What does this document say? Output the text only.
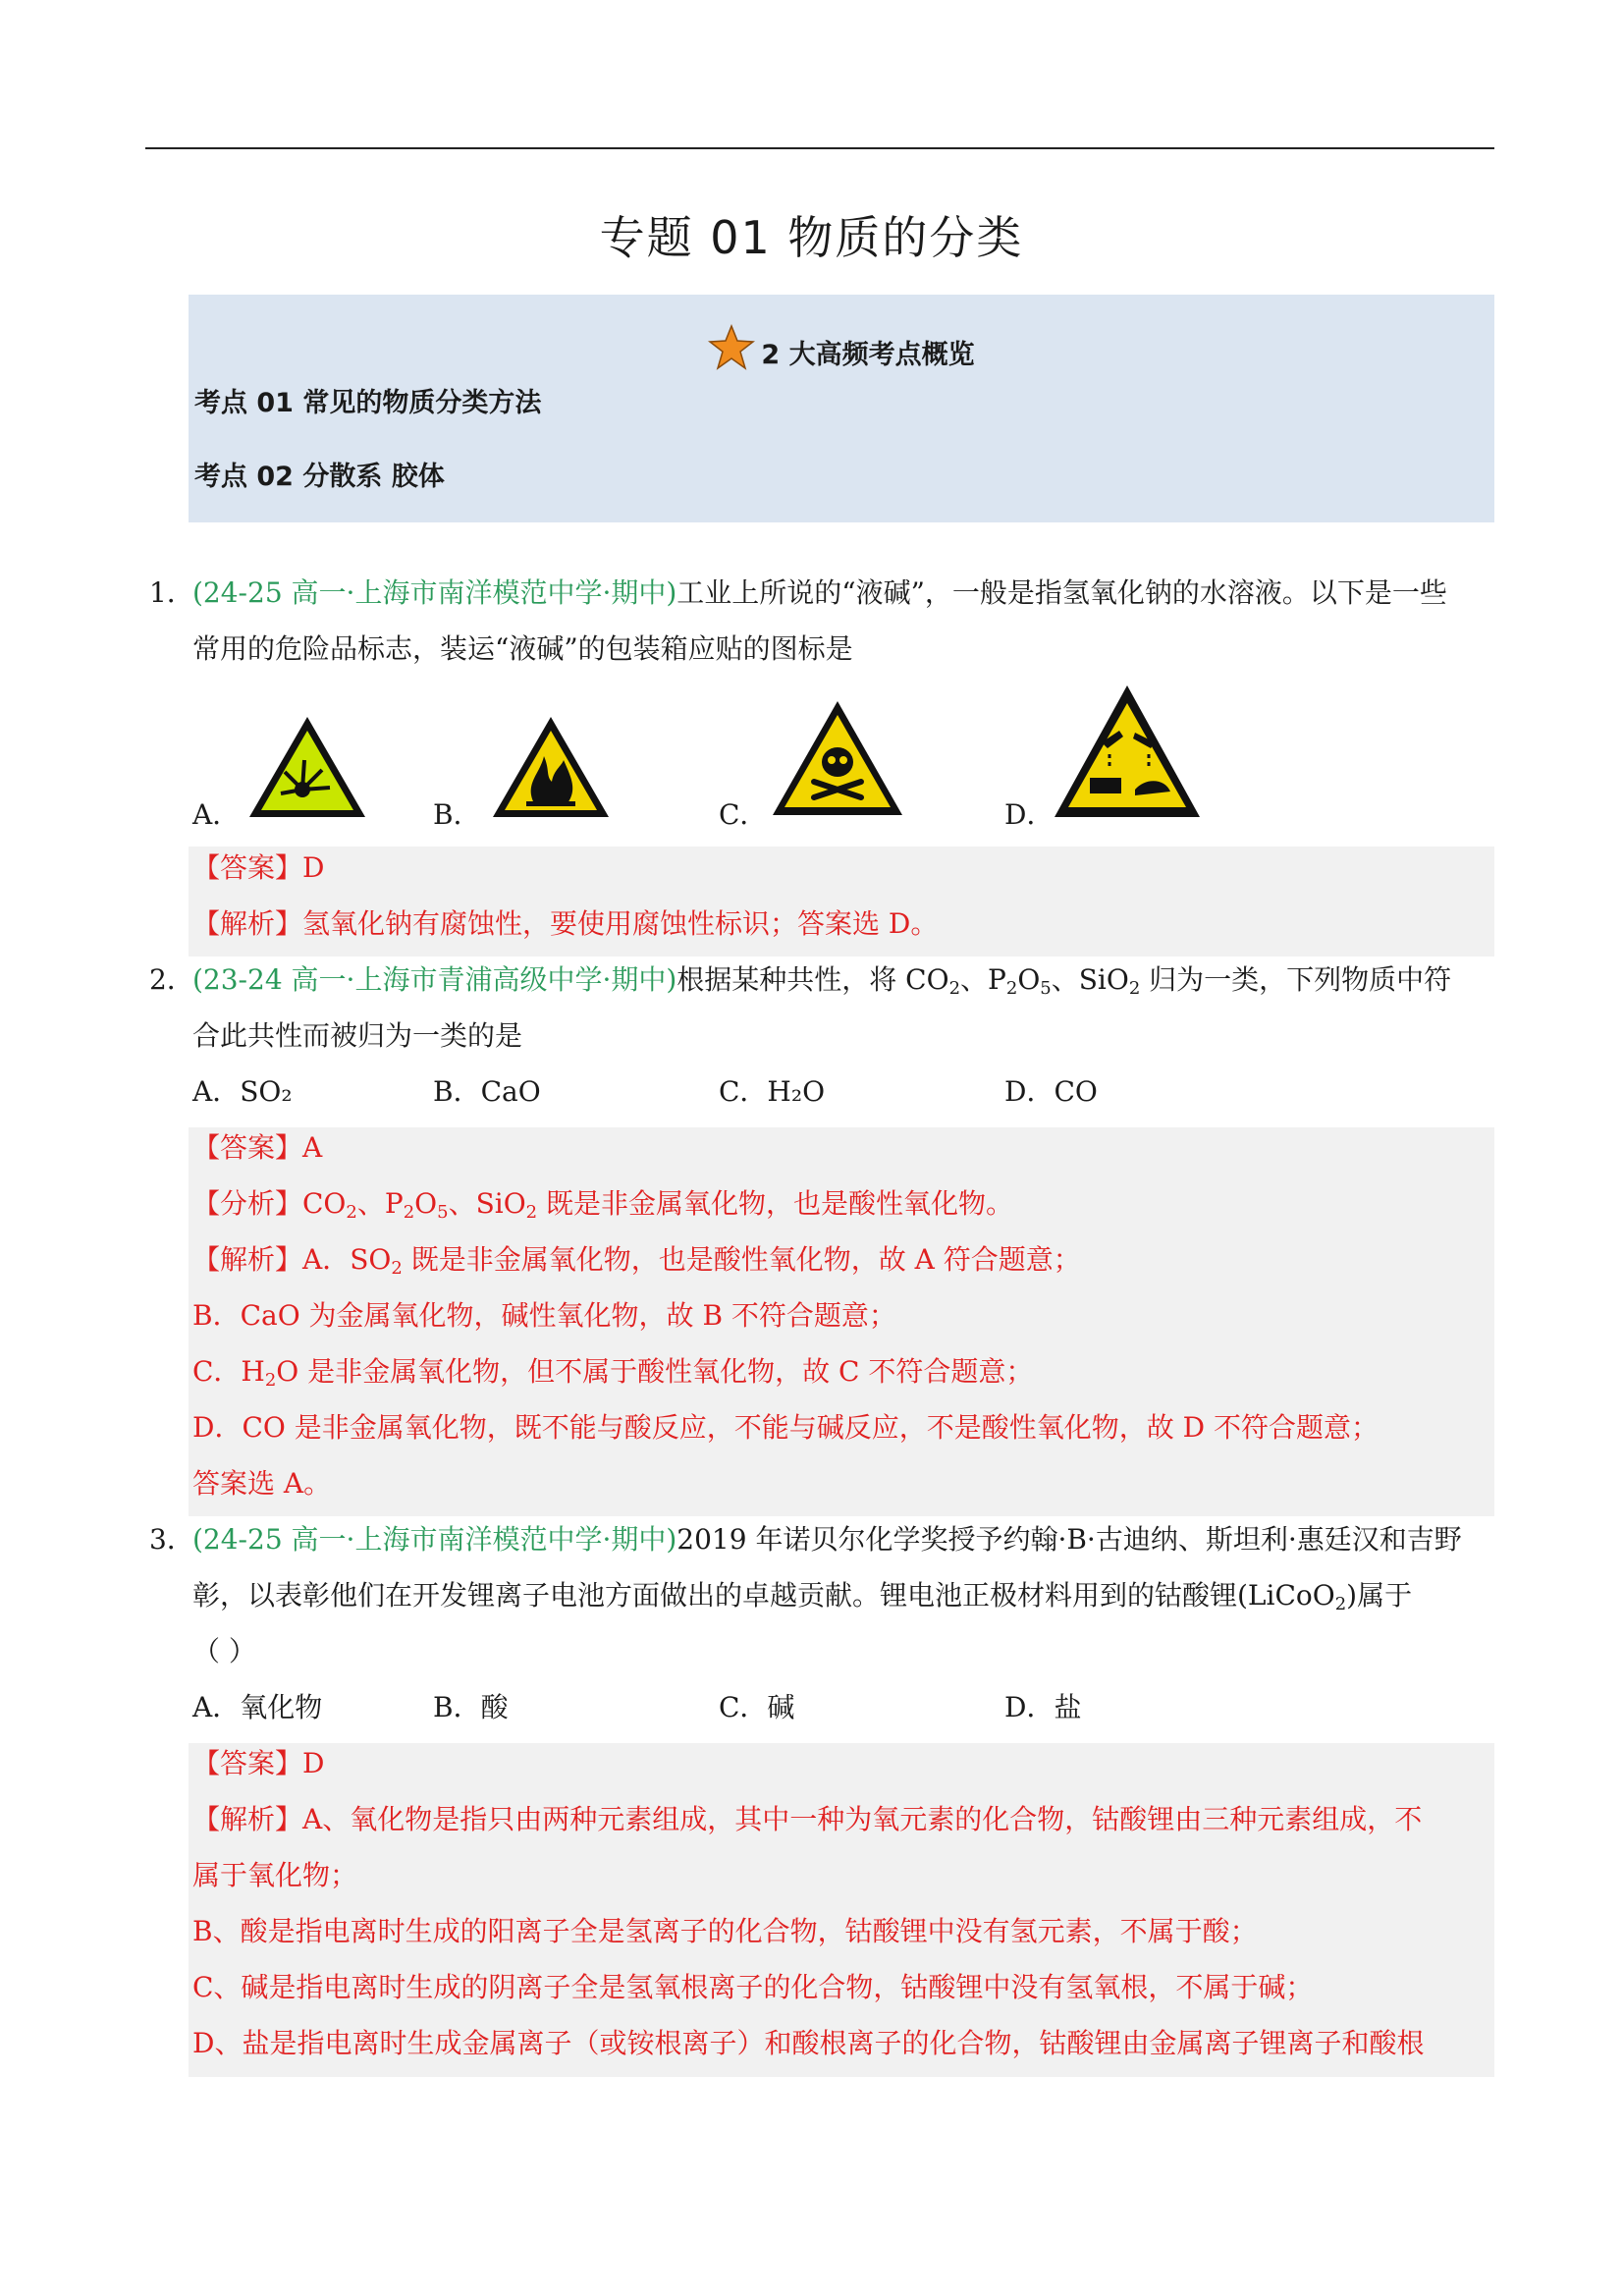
专题 01 物质的分类
2 大高频考点概览
考点 01 常见的物质分类方法
考点 02 分散系 胶体
1．
(24-25 高一·上海市南洋模范中学·期中)工业上所说的“液碱”，一般是指氢氧化钠的水溶液。以下是一些
常用的危险品标志，装运“液碱”的包装箱应贴的图标是
A．	B．	C．	D．
【答案】D
【解析】氢氧化钠有腐蚀性，要使用腐蚀性标识；答案选 D。
2．
(23-24 高一·上海市青浦高级中学·期中)根据某种共性，将 $CO_2$、$P_2O_5$、SiO$_2$ 归为一类，下列物质中符
合此共性而被归为一类的是
A．SO₂	B．CaO	C．H₂O	D．CO
【答案】A
【分析】$CO_2$、$P_2O_5$、SiO$_2$ 既是非金属氧化物，也是酸性氧化物。
【解析】A．$SO_2$ 既是非金属氧化物，也是酸性氧化物，故 A 符合题意；
B．CaO 为金属氧化物，碱性氧化物，故 B 不符合题意；
C．$H_2O$ 是非金属氧化物，但不属于酸性氧化物，故 C 不符合题意；
D．CO 是非金属氧化物，既不能与酸反应，不能与碱反应，不是酸性氧化物，故 D 不符合题意；
答案选 A。
3．
(24-25 高一·上海市南洋模范中学·期中)2019 年诺贝尔化学奖授予约翰·B·古迪纳、斯坦利·惠廷汉和吉野
彰，以表彰他们在开发锂离子电池方面做出的卓越贡献。锂电池正极材料用到的钴酸锂(LiCoO$_2$)属于
（ ）
A．氧化物	B．酸	C．碱	D．盐
【答案】D
【解析】A、氧化物是指只由两种元素组成，其中一种为氧元素的化合物，钴酸锂由三种元素组成，不
属于氧化物；
B、酸是指电离时生成的阳离子全是氢离子的化合物，钴酸锂中没有氢元素，不属于酸；
C、碱是指电离时生成的阴离子全是氢氧根离子的化合物，钴酸锂中没有氢氧根，不属于碱；
D、盐是指电离时生成金属离子（或铵根离子）和酸根离子的化合物，钴酸锂由金属离子锂离子和酸根
